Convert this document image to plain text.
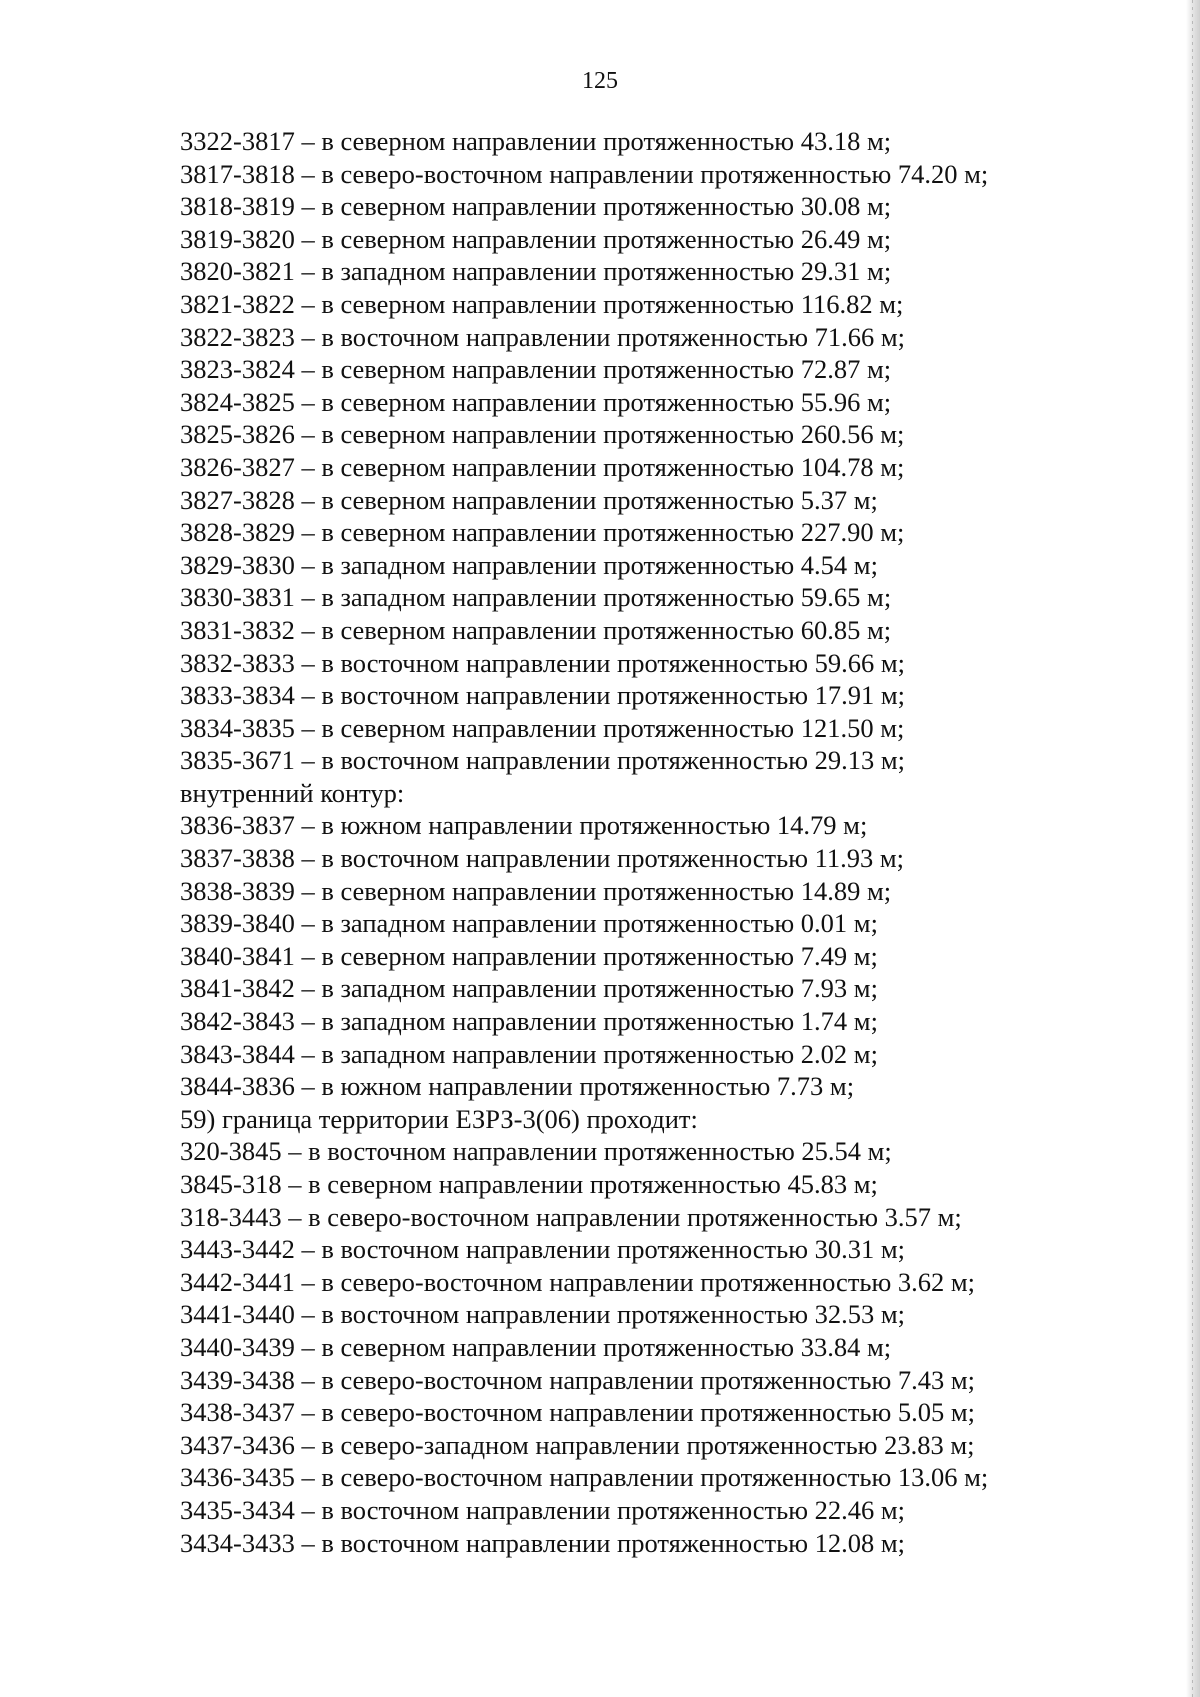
125
3322-3817 – в северном направлении протяженностью 43.18 м;
3817-3818 – в северо-восточном направлении протяженностью 74.20 м;
3818-3819 – в северном направлении протяженностью 30.08 м;
3819-3820 – в северном направлении протяженностью 26.49 м;
3820-3821 – в западном направлении протяженностью 29.31 м;
3821-3822 – в северном направлении протяженностью 116.82 м;
3822-3823 – в восточном направлении протяженностью 71.66 м;
3823-3824 – в северном направлении протяженностью 72.87 м;
3824-3825 – в северном направлении протяженностью 55.96 м;
3825-3826 – в северном направлении протяженностью 260.56 м;
3826-3827 – в северном направлении протяженностью 104.78 м;
3827-3828 – в северном направлении протяженностью 5.37 м;
3828-3829 – в северном направлении протяженностью 227.90 м;
3829-3830 – в западном направлении протяженностью 4.54 м;
3830-3831 – в западном направлении протяженностью 59.65 м;
3831-3832 – в северном направлении протяженностью 60.85 м;
3832-3833 – в восточном направлении протяженностью 59.66 м;
3833-3834 – в восточном направлении протяженностью 17.91 м;
3834-3835 – в северном направлении протяженностью 121.50 м;
3835-3671 – в восточном направлении протяженностью 29.13 м;
внутренний контур:
3836-3837 – в южном направлении протяженностью 14.79 м;
3837-3838 – в восточном направлении протяженностью 11.93 м;
3838-3839 – в северном направлении протяженностью 14.89 м;
3839-3840 – в западном направлении протяженностью 0.01 м;
3840-3841 – в северном направлении протяженностью 7.49 м;
3841-3842 – в западном направлении протяженностью 7.93 м;
3842-3843 – в западном направлении протяженностью 1.74 м;
3843-3844 – в западном направлении протяженностью 2.02 м;
3844-3836 – в южном направлении протяженностью 7.73 м;
59) граница территории ЕЗРЗ-3(06) проходит:
320-3845 – в восточном направлении протяженностью 25.54 м;
3845-318 – в северном направлении протяженностью 45.83 м;
318-3443 – в северо-восточном направлении протяженностью 3.57 м;
3443-3442 – в восточном направлении протяженностью 30.31 м;
3442-3441 – в северо-восточном направлении протяженностью 3.62 м;
3441-3440 – в восточном направлении протяженностью 32.53 м;
3440-3439 – в северном направлении протяженностью 33.84 м;
3439-3438 – в северо-восточном направлении протяженностью 7.43 м;
3438-3437 – в северо-восточном направлении протяженностью 5.05 м;
3437-3436 – в северо-западном направлении протяженностью 23.83 м;
3436-3435 – в северо-восточном направлении протяженностью 13.06 м;
3435-3434 – в восточном направлении протяженностью 22.46 м;
3434-3433 – в восточном направлении протяженностью 12.08 м;
